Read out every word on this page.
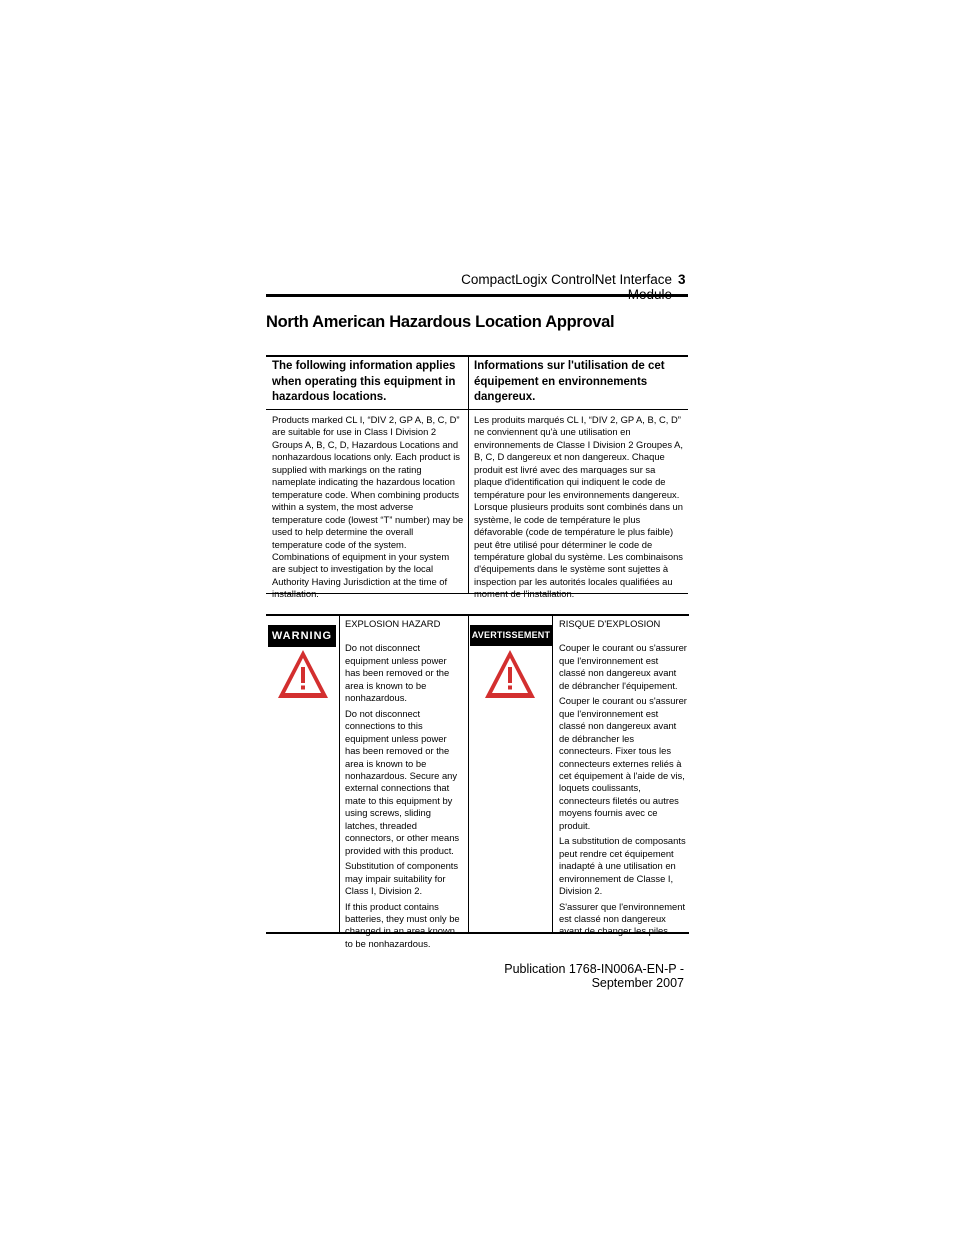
CompactLogix ControlNet Interface 3
North American Hazardous Location Approval
The following information applies when operating this equipment in hazardous locations.
Informations sur l'utilisation de cet équipement en environnements dangereux.
Products marked CL I, “DIV 2, GP A, B, C, D” are suitable for use in Class I Division 2 Groups A, B, C, D, Hazardous Locations and nonhazardous locations only. Each product is supplied with markings on the rating nameplate indicating the hazardous location temperature code. When combining products within a system, the most adverse temperature code (lowest “T” number) may be used to help determine the overall temperature code of the system. Combinations of equipment in your system are subject to investigation by the local Authority Having Jurisdiction at the time of installation.
Les produits marqués CL I, “DIV 2, GP A, B, C, D” ne conviennent qu'à une utilisation en environnements de Classe I Division 2 Groupes A, B, C, D dangereux et non dangereux. Chaque produit est livré avec des marquages sur sa plaque d'identification qui indiquent le code de température pour les environnements dangereux. Lorsque plusieurs produits sont combinés dans un système, le code de température le plus défavorable (code de température le plus faible) peut être utilisé pour déterminer le code de température global du système. Les combinaisons d'équipements dans le système sont sujettes à inspection par les autorités locales qualifiées au moment de l'installation.
WARNING	AVERTISSEMENT

EXPLOSION HAZARD

Do not disconnect equipment unless power has been removed or the area is known to be nonhazardous.

Do not disconnect connections to this equipment unless power has been removed or the area is known to be nonhazardous. Secure any external connections that mate to this equipment by using screws, sliding latches, threaded connectors, or other means provided with this product.

Substitution of components may impair suitability for Class I, Division 2.

If this product contains batteries, they must only be changed in an area known to be nonhazardous.

RISQUE D'EXPLOSION

Couper le courant ou s'assurer que l'environnement est classé non dangereux avant de débrancher l'équipement.

Couper le courant ou s'assurer que l'environnement est classé non dangereux avant de débrancher les connecteurs. Fixer tous les connecteurs externes reliés à cet équipement à l'aide de vis, loquets coulissants, connecteurs filetés ou autres moyens fournis avec ce produit.

La substitution de composants peut rendre cet équipement inadapté à une utilisation en environnement de Classe I, Division 2.

S'assurer que l'environnement est classé non dangereux avant de changer les piles.

Publication 1768-IN006A-EN-P - September 2007
